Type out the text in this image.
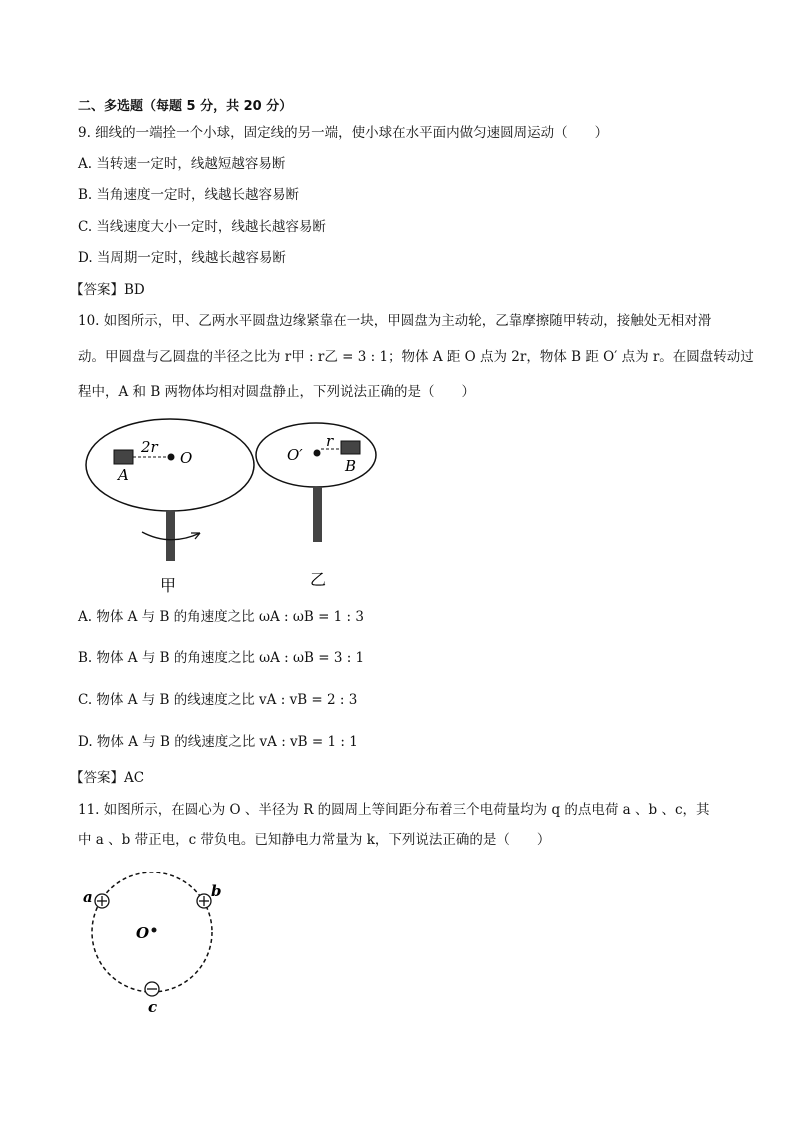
二、多选题（每题 5 分，共 20 分）
9. 细线的一端拴一个小球，固定线的另一端，使小球在水平面内做匀速圆周运动（　　）
A. 当转速一定时，线越短越容易断
B. 当角速度一定时，线越长越容易断
C. 当线速度大小一定时，线越长越容易断
D. 当周期一定时，线越长越容易断
【答案】BD
10. 如图所示，甲、乙两水平圆盘边缘紧靠在一块，甲圆盘为主动轮，乙靠摩擦随甲转动，接触处无相对滑
动。甲圆盘与乙圆盘的半径之比为 r甲 : r乙 = 3 : 1；物体 A 距 O 点为 2r，物体 B 距 O′ 点为 r。在圆盘转动过
程中，A 和 B 两物体均相对圆盘静止，下列说法正确的是（　　）
A
2r
O	O′
r
B
甲	乙
A. 物体 A 与 B 的角速度之比 ωA : ωB = 1 : 3
B. 物体 A 与 B 的角速度之比 ωA : ωB = 3 : 1
C. 物体 A 与 B 的线速度之比 vA : vB = 2 : 3
D. 物体 A 与 B 的线速度之比 vA : vB = 1 : 1
【答案】AC
11. 如图所示，在圆心为 O 、半径为 R 的圆周上等间距分布着三个电荷量均为 q 的点电荷 a 、b 、c，其
中 a 、b 带正电，c 带负电。已知静电力常量为 k，下列说法正确的是（　　）
a	b
c
O
